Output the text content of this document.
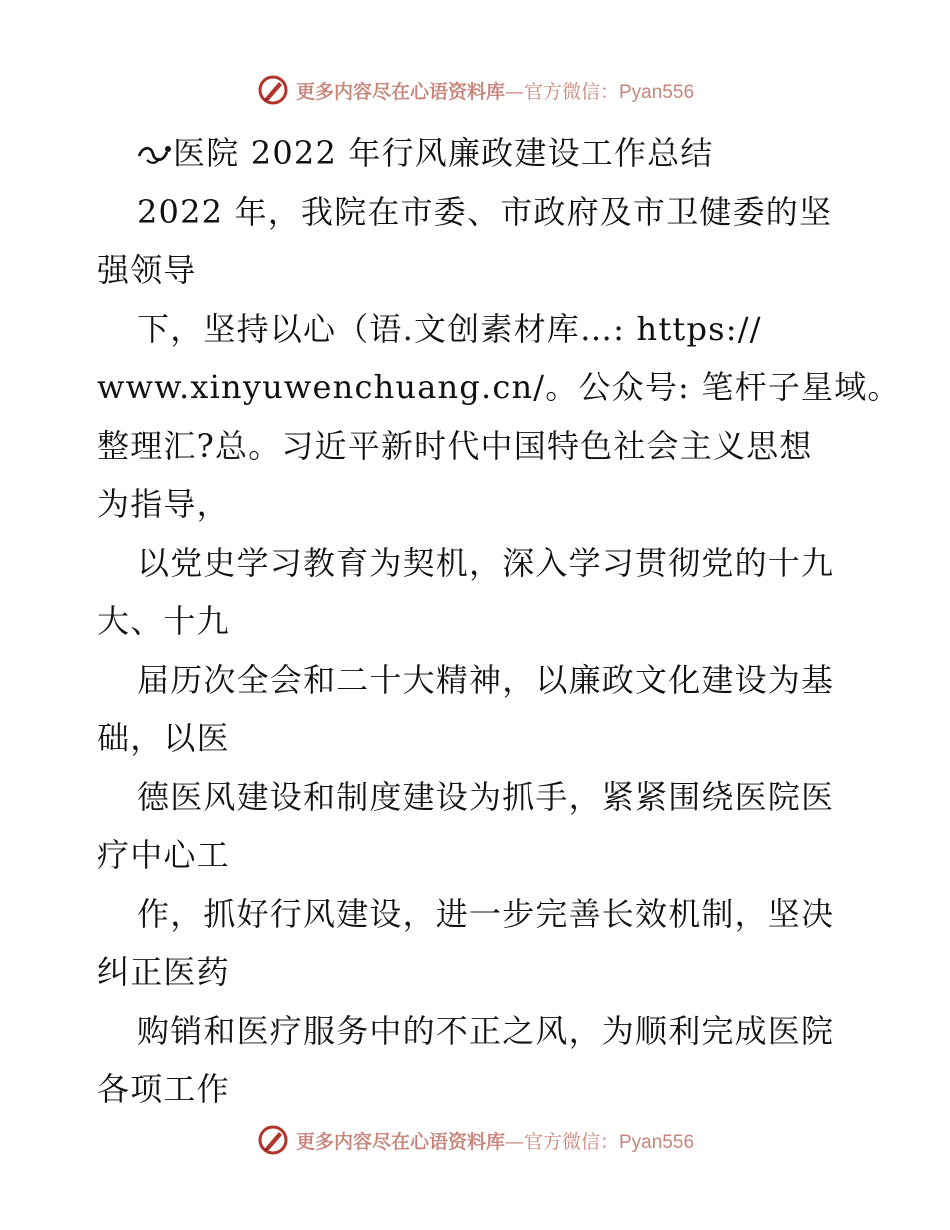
更多内容尽在心语资料库—官方微信：Pyan556
医院 2022 年行风廉政建设工作总结
2022 年，我院在市委、市政府及市卫健委的坚
强领导
下，坚持以心（语.文创素材库…: https://
www.xinyuwenchuang.cn/。公众号: 笔杆子星域。
整理汇?总。习近平新时代中国特色社会主义思想
为指导，
以党史学习教育为契机，深入学习贯彻党的十九
大、十九
届历次全会和二十大精神，以廉政文化建设为基
础，以医
德医风建设和制度建设为抓手，紧紧围绕医院医
疗中心工
作，抓好行风建设，进一步完善长效机制，坚决
纠正医药
购销和医疗服务中的不正之风，为顺利完成医院
各项工作
更多内容尽在心语资料库—官方微信：Pyan556
